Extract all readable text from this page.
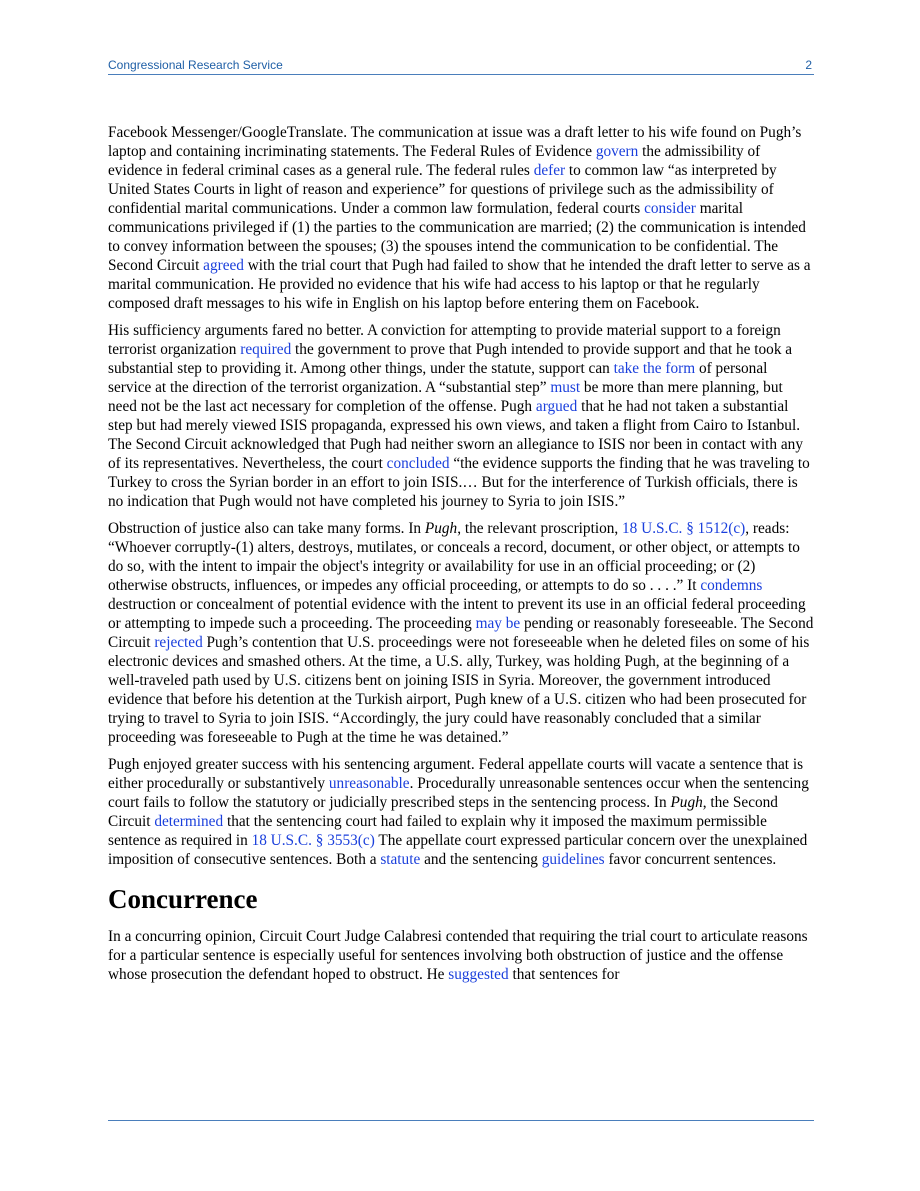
Congressional Research Service	2

Facebook Messenger/GoogleTranslate. The communication at issue was a draft letter to his wife found on Pugh’s laptop and containing incriminating statements. The Federal Rules of Evidence govern the admissibility of evidence in federal criminal cases as a general rule. The federal rules defer to common law “as interpreted by United States Courts in light of reason and experience” for questions of privilege such as the admissibility of confidential marital communications. Under a common law formulation, federal courts consider marital communications privileged if (1) the parties to the communication are married; (2) the communication is intended to convey information between the spouses; (3) the spouses intend the communication to be confidential. The Second Circuit agreed with the trial court that Pugh had failed to show that he intended the draft letter to serve as a marital communication. He provided no evidence that his wife had access to his laptop or that he regularly composed draft messages to his wife in English on his laptop before entering them on Facebook.

His sufficiency arguments fared no better. A conviction for attempting to provide material support to a foreign terrorist organization required the government to prove that Pugh intended to provide support and that he took a substantial step to providing it. Among other things, under the statute, support can take the form of personal service at the direction of the terrorist organization. A “substantial step” must be more than mere planning, but need not be the last act necessary for completion of the offense. Pugh argued that he had not taken a substantial step but had merely viewed ISIS propaganda, expressed his own views, and taken a flight from Cairo to Istanbul. The Second Circuit acknowledged that Pugh had neither sworn an allegiance to ISIS nor been in contact with any of its representatives. Nevertheless, the court concluded “the evidence supports the finding that he was traveling to Turkey to cross the Syrian border in an effort to join ISIS.… But for the interference of Turkish officials, there is no indication that Pugh would not have completed his journey to Syria to join ISIS.”

Obstruction of justice also can take many forms. In Pugh, the relevant proscription, 18 U.S.C. § 1512(c), reads: “Whoever corruptly-(1) alters, destroys, mutilates, or conceals a record, document, or other object, or attempts to do so, with the intent to impair the object's integrity or availability for use in an official proceeding; or (2) otherwise obstructs, influences, or impedes any official proceeding, or attempts to do so . . . .” It condemns destruction or concealment of potential evidence with the intent to prevent its use in an official federal proceeding or attempting to impede such a proceeding. The proceeding may be pending or reasonably foreseeable. The Second Circuit rejected Pugh’s contention that U.S. proceedings were not foreseeable when he deleted files on some of his electronic devices and smashed others. At the time, a U.S. ally, Turkey, was holding Pugh, at the beginning of a well-traveled path used by U.S. citizens bent on joining ISIS in Syria. Moreover, the government introduced evidence that before his detention at the Turkish airport, Pugh knew of a U.S. citizen who had been prosecuted for trying to travel to Syria to join ISIS. “Accordingly, the jury could have reasonably concluded that a similar proceeding was foreseeable to Pugh at the time he was detained.”

Pugh enjoyed greater success with his sentencing argument. Federal appellate courts will vacate a sentence that is either procedurally or substantively unreasonable. Procedurally unreasonable sentences occur when the sentencing court fails to follow the statutory or judicially prescribed steps in the sentencing process. In Pugh, the Second Circuit determined that the sentencing court had failed to explain why it imposed the maximum permissible sentence as required in 18 U.S.C. § 3553(c) The appellate court expressed particular concern over the unexplained imposition of consecutive sentences. Both a statute and the sentencing guidelines favor concurrent sentences.

Concurrence

In a concurring opinion, Circuit Court Judge Calabresi contended that requiring the trial court to articulate reasons for a particular sentence is especially useful for sentences involving both obstruction of justice and the offense whose prosecution the defendant hoped to obstruct. He suggested that sentences for
